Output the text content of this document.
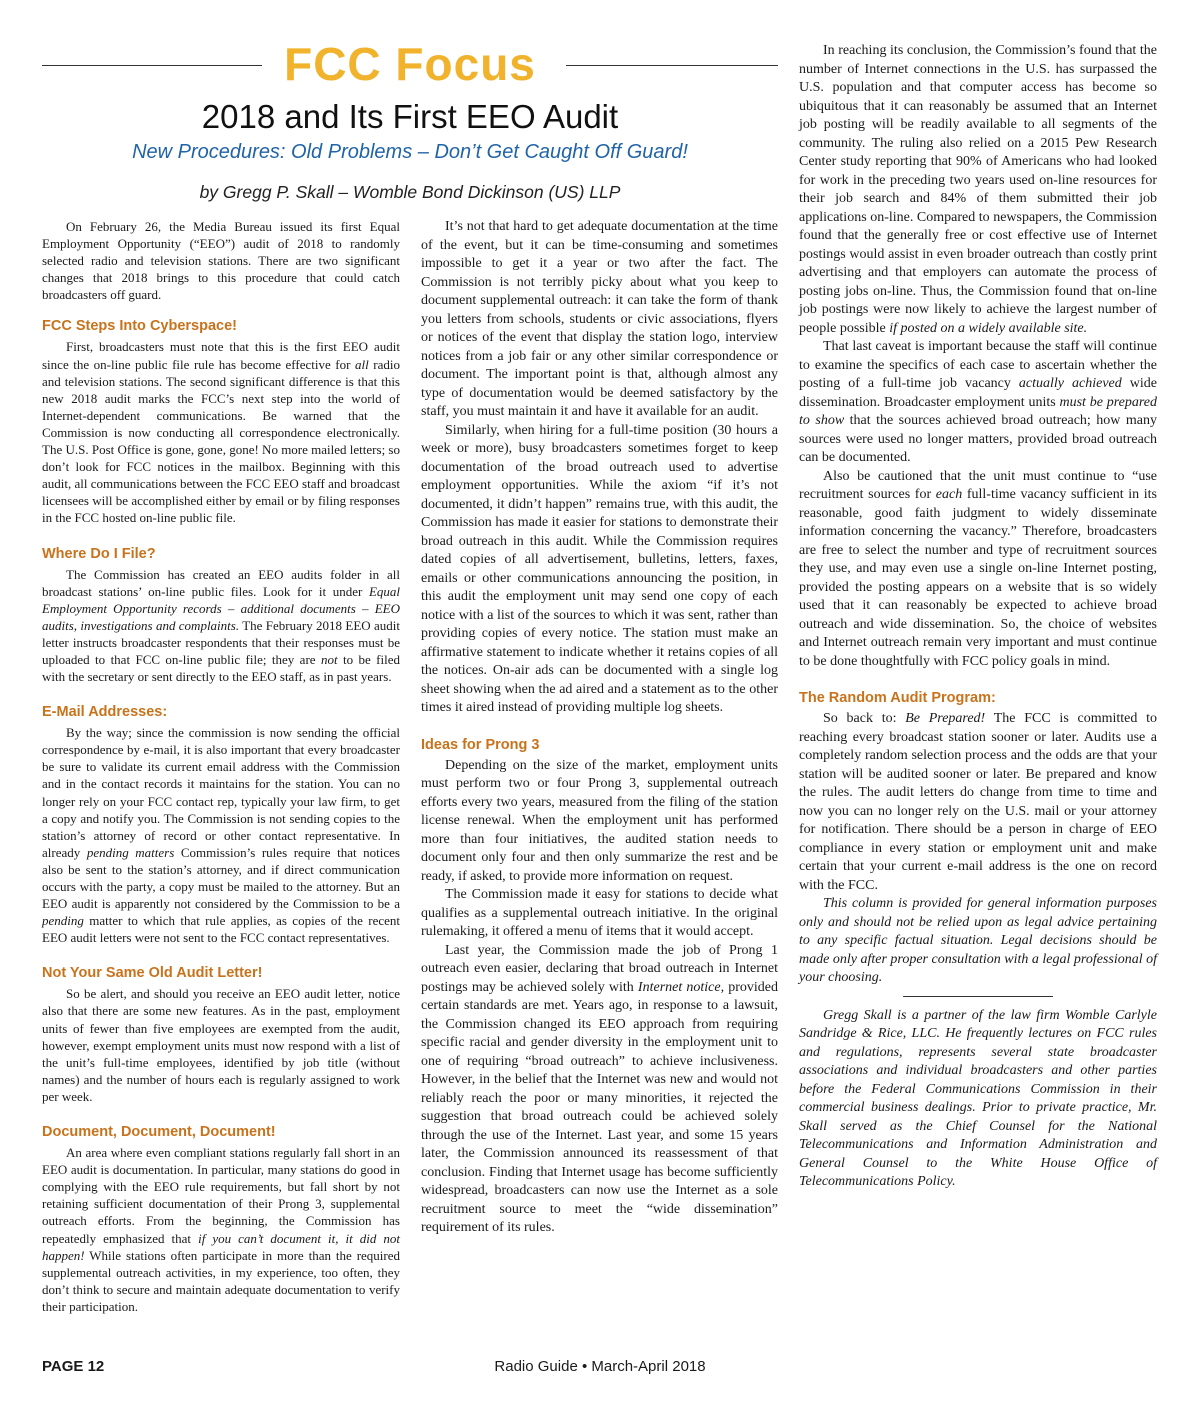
FCC Focus
2018 and Its First EEO Audit
New Procedures: Old Problems – Don’t Get Caught Off Guard!
by Gregg P. Skall – Womble Bond Dickinson (US) LLP

On February 26, the Media Bureau issued its first Equal Employment Opportunity (“EEO”) audit of 2018 to randomly selected radio and television stations. There are two significant changes that 2018 brings to this procedure that could catch broadcasters off guard.

FCC Steps Into Cyberspace!

First, broadcasters must note that this is the first EEO audit since the on-line public file rule has become effective for all radio and television stations. The second significant difference is that this new 2018 audit marks the FCC’s next step into the world of Internet-dependent communications. Be warned that the Commission is now conducting all correspondence electronically. The U.S. Post Office is gone, gone, gone! No more mailed letters; so don’t look for FCC notices in the mailbox. Beginning with this audit, all communications between the FCC EEO staff and broadcast licensees will be accomplished either by email or by filing responses in the FCC hosted on-line public file.

Where Do I File?

The Commission has created an EEO audits folder in all broadcast stations’ on-line public files. Look for it under Equal Employment Opportunity records – additional documents – EEO audits, investigations and complaints. The February 2018 EEO audit letter instructs broadcaster respondents that their responses must be uploaded to that FCC on-line public file; they are not to be filed with the secretary or sent directly to the EEO staff, as in past years.

E-Mail Addresses:

By the way; since the commission is now sending the official correspondence by e-mail, it is also important that every broadcaster be sure to validate its current email address with the Commission and in the contact records it maintains for the station. You can no longer rely on your FCC contact rep, typically your law firm, to get a copy and notify you. The Commission is not sending copies to the station’s attorney of record or other contact representative. In already pending matters Commission’s rules require that notices also be sent to the station’s attorney, and if direct communication occurs with the party, a copy must be mailed to the attorney. But an EEO audit is apparently not considered by the Commission to be a pending matter to which that rule applies, as copies of the recent EEO audit letters were not sent to the FCC contact representatives.

Not Your Same Old Audit Letter!

So be alert, and should you receive an EEO audit letter, notice also that there are some new features. As in the past, employment units of fewer than five employees are exempted from the audit, however, exempt employment units must now respond with a list of the unit’s full-time employees, identified by job title (without names) and the number of hours each is regularly assigned to work per week.

Document, Document, Document!

An area where even compliant stations regularly fall short in an EEO audit is documentation. In particular, many stations do good in complying with the EEO rule requirements, but fall short by not retaining sufficient documentation of their Prong 3, supplemental outreach efforts. From the beginning, the Commission has repeatedly emphasized that if you can’t document it, it did not happen! While stations often participate in more than the required supplemental outreach activities, in my experience, too often, they don’t think to secure and maintain adequate documentation to verify their participation.

It’s not that hard to get adequate documentation at the time of the event, but it can be time-consuming and sometimes impossible to get it a year or two after the fact. The Commission is not terribly picky about what you keep to document supplemental outreach: it can take the form of thank you letters from schools, students or civic associations, flyers or notices of the event that display the station logo, interview notices from a job fair or any other similar correspondence or document. The important point is that, although almost any type of documentation would be deemed satisfactory by the staff, you must maintain it and have it available for an audit.

Similarly, when hiring for a full-time position (30 hours a week or more), busy broadcasters sometimes forget to keep documentation of the broad outreach used to advertise employment opportunities. While the axiom “if it’s not documented, it didn’t happen” remains true, with this audit, the Commission has made it easier for stations to demonstrate their broad outreach in this audit. While the Commission requires dated copies of all advertisement, bulletins, letters, faxes, emails or other communications announcing the position, in this audit the employment unit may send one copy of each notice with a list of the sources to which it was sent, rather than providing copies of every notice. The station must make an affirmative statement to indicate whether it retains copies of all the notices. On-air ads can be documented with a single log sheet showing when the ad aired and a statement as to the other times it aired instead of providing multiple log sheets.

Ideas for Prong 3

Depending on the size of the market, employment units must perform two or four Prong 3, supplemental outreach efforts every two years, measured from the filing of the station license renewal. When the employment unit has performed more than four initiatives, the audited station needs to document only four and then only summarize the rest and be ready, if asked, to provide more information on request.

The Commission made it easy for stations to decide what qualifies as a supplemental outreach initiative. In the original rulemaking, it offered a menu of items that it would accept.

Last year, the Commission made the job of Prong 1 outreach even easier, declaring that broad outreach in Internet postings may be achieved solely with Internet notice, provided certain standards are met. Years ago, in response to a lawsuit, the Commission changed its EEO approach from requiring specific racial and gender diversity in the employment unit to one of requiring “broad outreach” to achieve inclusiveness. However, in the belief that the Internet was new and would not reliably reach the poor or many minorities, it rejected the suggestion that broad outreach could be achieved solely through the use of the Internet. Last year, and some 15 years later, the Commission announced its reassessment of that conclusion. Finding that Internet usage has become sufficiently widespread, broadcasters can now use the Internet as a sole recruitment source to meet the “wide dissemination” requirement of its rules.

In reaching its conclusion, the Commission’s found that the number of Internet connections in the U.S. has surpassed the U.S. population and that computer access has become so ubiquitous that it can reasonably be assumed that an Internet job posting will be readily available to all segments of the community. The ruling also relied on a 2015 Pew Research Center study reporting that 90% of Americans who had looked for work in the preceding two years used on-line resources for their job search and 84% of them submitted their job applications on-line. Compared to newspapers, the Commission found that the generally free or cost effective use of Internet postings would assist in even broader outreach than costly print advertising and that employers can automate the process of posting jobs on-line. Thus, the Commission found that on-line job postings were now likely to achieve the largest number of people possible if posted on a widely available site.

That last caveat is important because the staff will continue to examine the specifics of each case to ascertain whether the posting of a full-time job vacancy actually achieved wide dissemination. Broadcaster employment units must be prepared to show that the sources achieved broad outreach; how many sources were used no longer matters, provided broad outreach can be documented.

Also be cautioned that the unit must continue to “use recruitment sources for each full-time vacancy sufficient in its reasonable, good faith judgment to widely disseminate information concerning the vacancy.” Therefore, broadcasters are free to select the number and type of recruitment sources they use, and may even use a single on-line Internet posting, provided the posting appears on a website that is so widely used that it can reasonably be expected to achieve broad outreach and wide dissemination. So, the choice of websites and Internet outreach remain very important and must continue to be done thoughtfully with FCC policy goals in mind.

The Random Audit Program:

So back to: Be Prepared! The FCC is committed to reaching every broadcast station sooner or later. Audits use a completely random selection process and the odds are that your station will be audited sooner or later. Be prepared and know the rules. The audit letters do change from time to time and now you can no longer rely on the U.S. mail or your attorney for notification. There should be a person in charge of EEO compliance in every station or employment unit and make certain that your current e-mail address is the one on record with the FCC.

This column is provided for general information purposes only and should not be relied upon as legal advice pertaining to any specific factual situation. Legal decisions should be made only after proper consultation with a legal professional of your choosing.

Gregg Skall is a partner of the law firm Womble Carlyle Sandridge & Rice, LLC. He frequently lectures on FCC rules and regulations, represents several state broadcaster associations and individual broadcasters and other parties before the Federal Communications Commission in their commercial business dealings. Prior to private practice, Mr. Skall served as the Chief Counsel for the National Telecommunications and Information Administration and General Counsel to the White House Office of Telecommunications Policy.

PAGE 12	Radio Guide • March-April 2018
